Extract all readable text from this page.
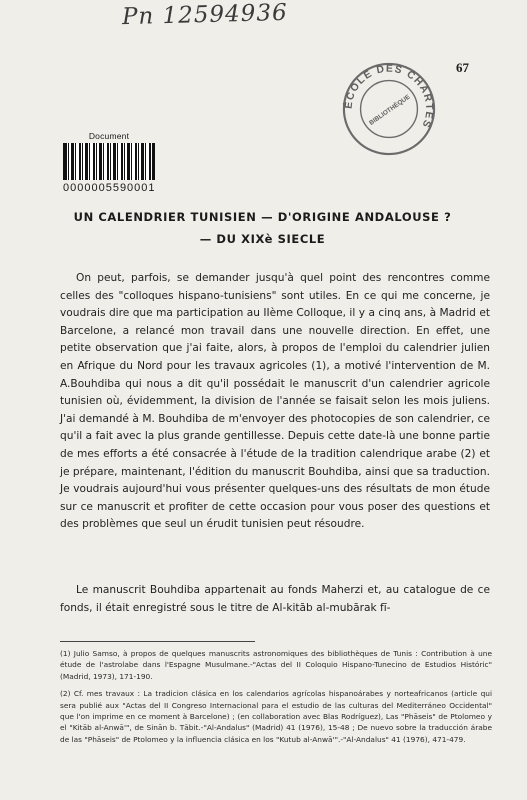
Pn 12594936
67
ÉCOLE DES CHARTES
BIBLIOTHÈQUE
Document
0000005590001
UN CALENDRIER TUNISIEN — D'ORIGINE ANDALOUSE ?
— DU XIXè SIECLE

On peut, parfois, se demander jusqu'à quel point des rencontres comme celles des "colloques hispano-tunisiens" sont utiles. En ce qui me concerne, je voudrais dire que ma participation au IIème Colloque, il y a cinq ans, à Madrid et Barcelone, a relancé mon travail dans une nouvelle direction. En effet, une petite observation que j'ai faite, alors, à propos de l'emploi du calendrier julien en Afrique du Nord pour les travaux agricoles (1), a motivé l'intervention de M. A.Bouhdiba qui nous a dit qu'il possédait le manuscrit d'un calendrier agricole tunisien où, évidemment, la division de l'année se faisait selon les mois juliens. J'ai demandé à M. Bouhdiba de m'envoyer des photocopies de son calendrier, ce qu'il a fait avec la plus grande gentillesse. Depuis cette date-là une bonne partie de mes efforts a été consacrée à l'étude de la tradition calendrique arabe (2) et je prépare, maintenant, l'édition du manuscrit Bouhdiba, ainsi que sa traduction. Je voudrais aujourd'hui vous présenter quelques-uns des résultats de mon étude sur ce manuscrit et profiter de cette occasion pour vous poser des questions et des problèmes que seul un érudit tunisien peut résoudre.

Le manuscrit Bouhdiba appartenait au fonds Maherzi et, au catalogue de ce fonds, il était enregistré sous le titre de Al-kitāb al-mubārak fī-

(1) Julio Samso, à propos de quelques manuscrits astronomiques des bibliothèques de Tunis : Contribution à une étude de l'astrolabe dans l'Espagne Musulmane.-"Actas del II Coloquio Hispano-Tunecino de Estudios Históric" (Madrid, 1973), 171-190.

(2) Cf. mes travaux : La tradicion clásica en los calendarios agrícolas hispanoárabes y norteafricanos (article qui sera publié aux "Actas del II Congreso Internacional para el estudio de las culturas del Mediterráneo Occidental" que l'on imprime en ce moment à Barcelone) ; (en collaboration avec Blas Rodríguez), Las "Phāseis" de Ptolomeo y el "Kitāb al-Anwā'", de Sinān b. Tābit.-"Al-Andalus" (Madrid) 41 (1976), 15-48 ; De nuevo sobre la traducción árabe de las "Phāseis" de Ptolomeo y la influencia clásica en los "Kutub al-Anwā'".-"Al-Andalus" 41 (1976), 471-479.
